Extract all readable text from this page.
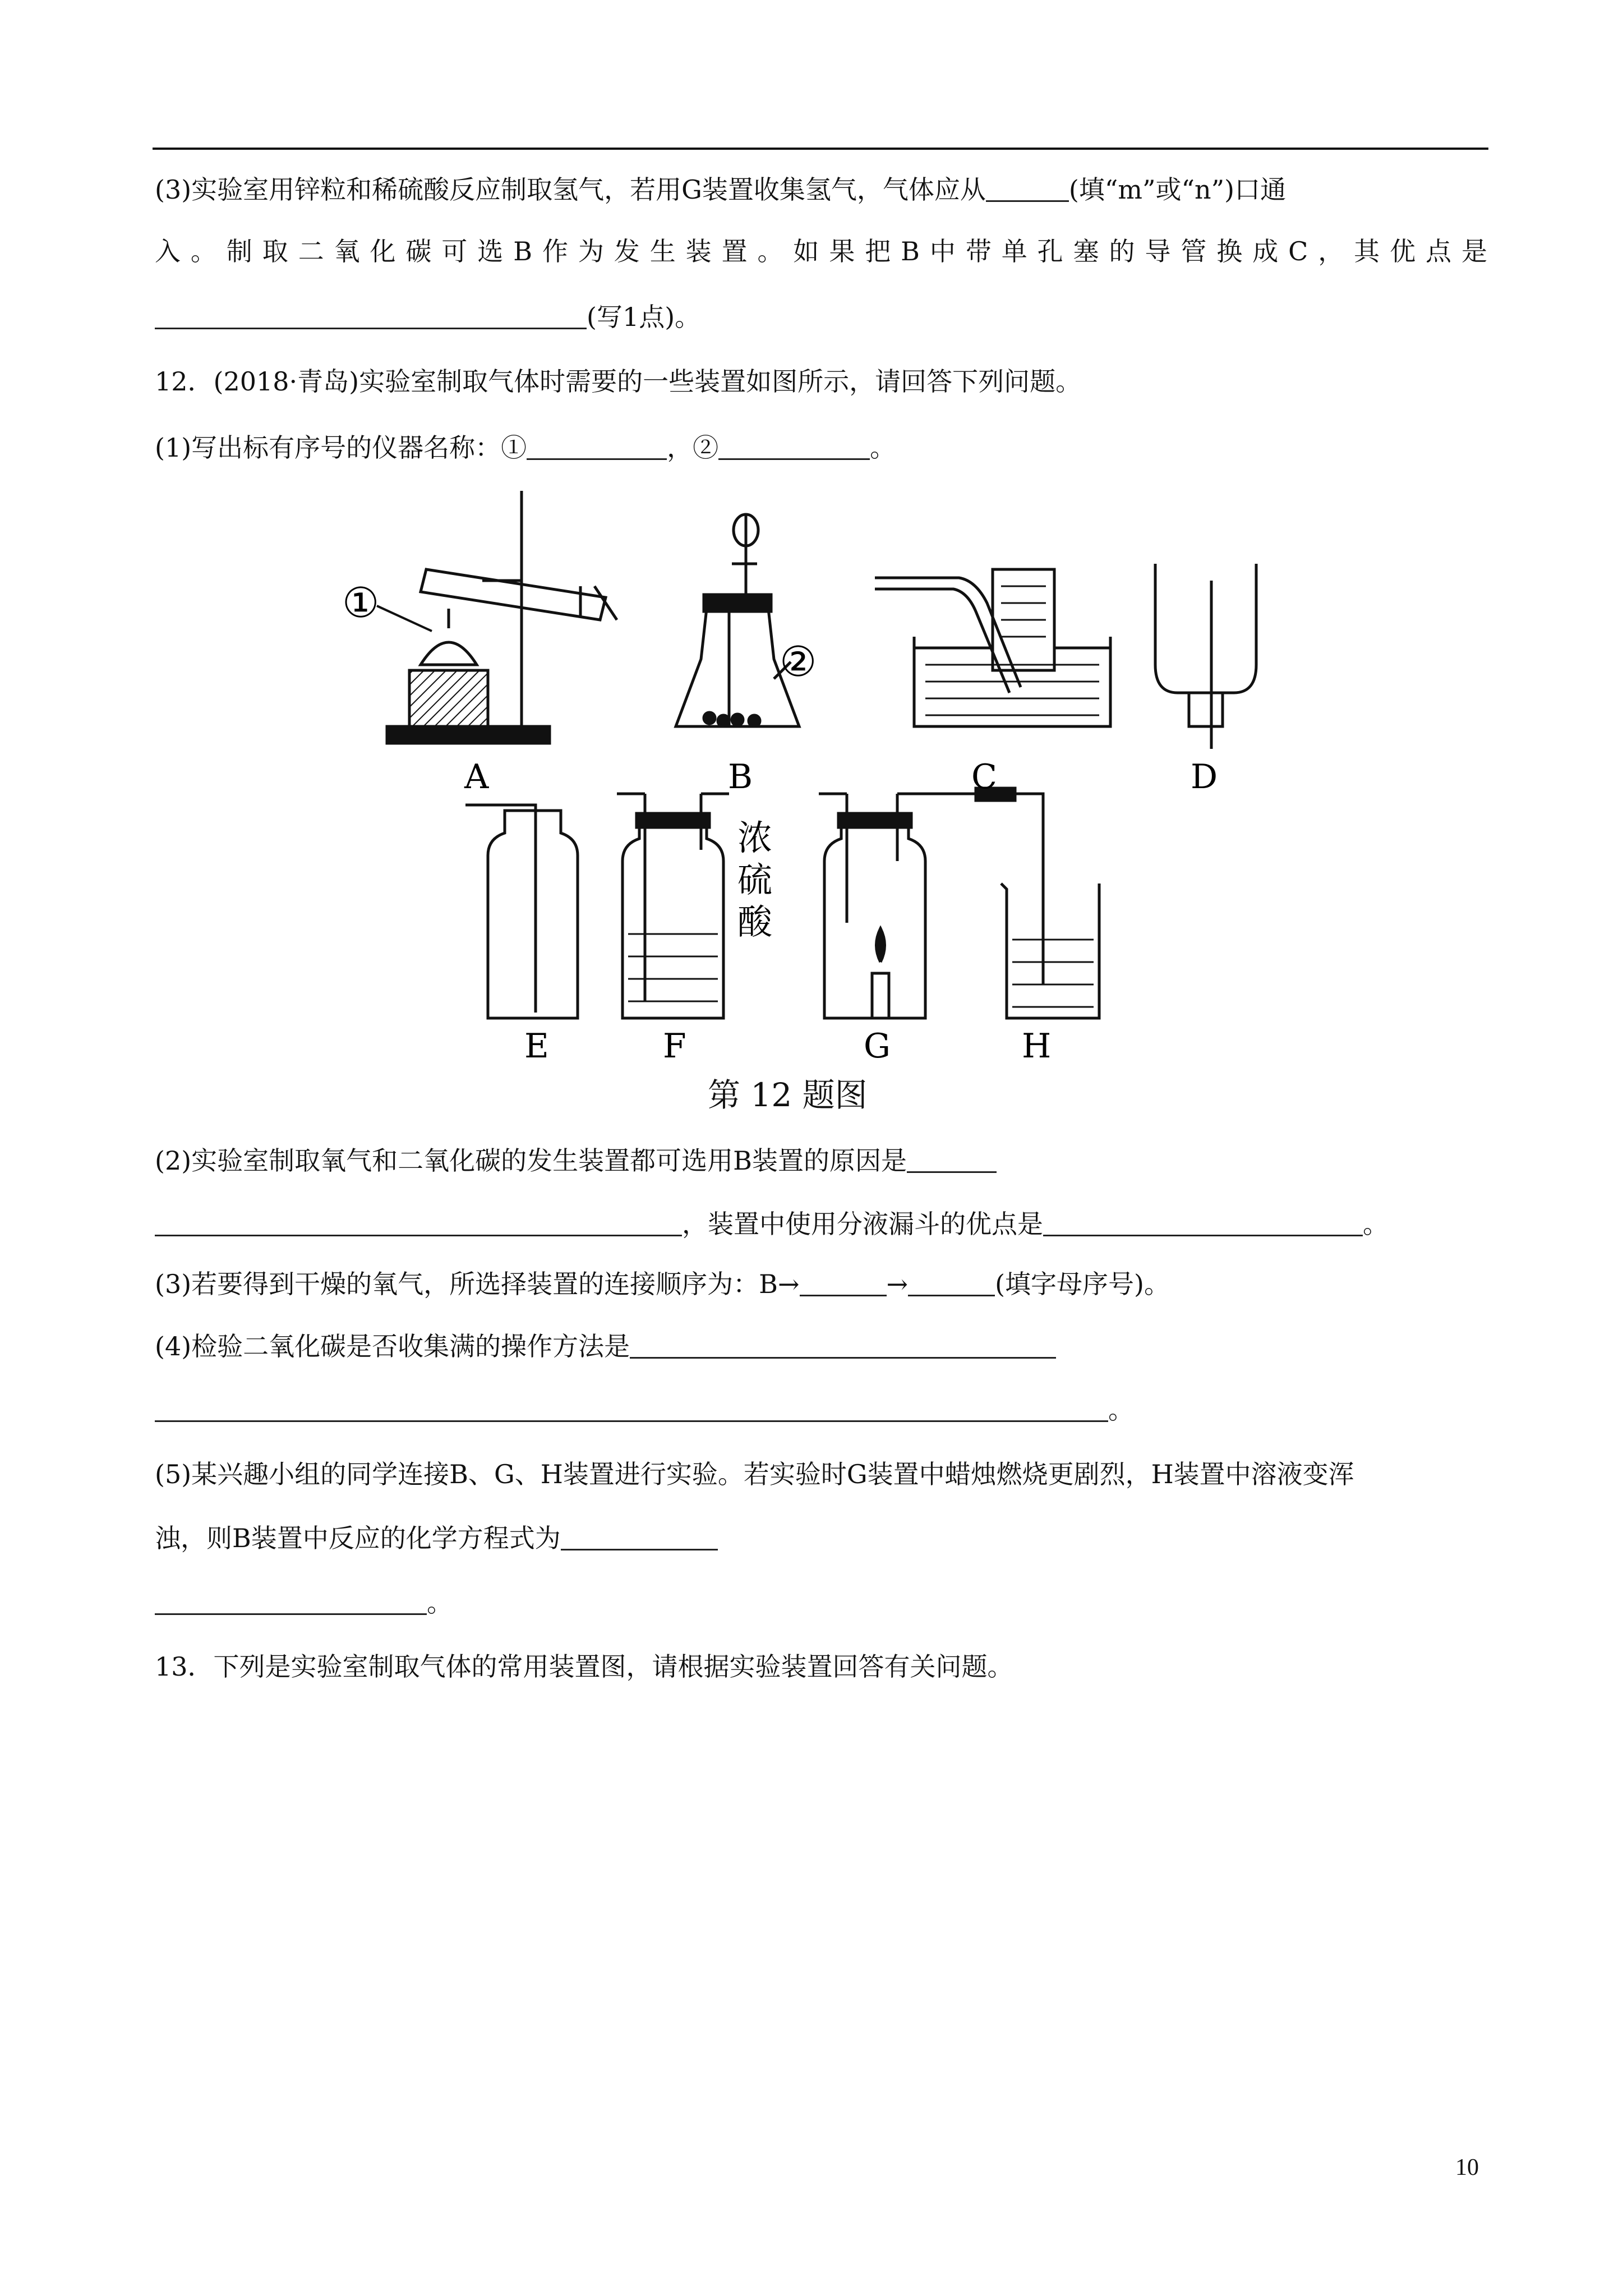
(3)实验室用锌粒和稀硫酸反应制取氢气，若用G装置收集氢气，气体应从	(填“m”或“n”)口通
入 。 制 取 二 氧 化 碳 可 选 B 作 为 发 生 装 置 。 如 果 把 B 中 带 单 孔 塞 的 导 管 换 成 C ， 其 优 点 是
(写1点)。
12．(2018·青岛)实验室制取气体时需要的一些装置如图所示，请回答下列问题。
(1)写出标有序号的仪器名称：①	，②	。
①
②
浓
硫
酸
A	B	C	D
E	F	G	H
第 12 题图
(2)实验室制取氧气和二氧化碳的发生装置都可选用B装置的原因是
，装置中使用分液漏斗的优点是	。
(3)若要得到干燥的氧气，所选择装置的连接顺序为：B→	→	(填字母序号)。
(4)检验二氧化碳是否收集满的操作方法是
。
(5)某兴趣小组的同学连接B、G、H装置进行实验。若实验时G装置中蜡烛燃烧更剧烈，H装置中溶液变浑
浊，则B装置中反应的化学方程式为
。
13．下列是实验室制取气体的常用装置图，请根据实验装置回答有关问题。
10
